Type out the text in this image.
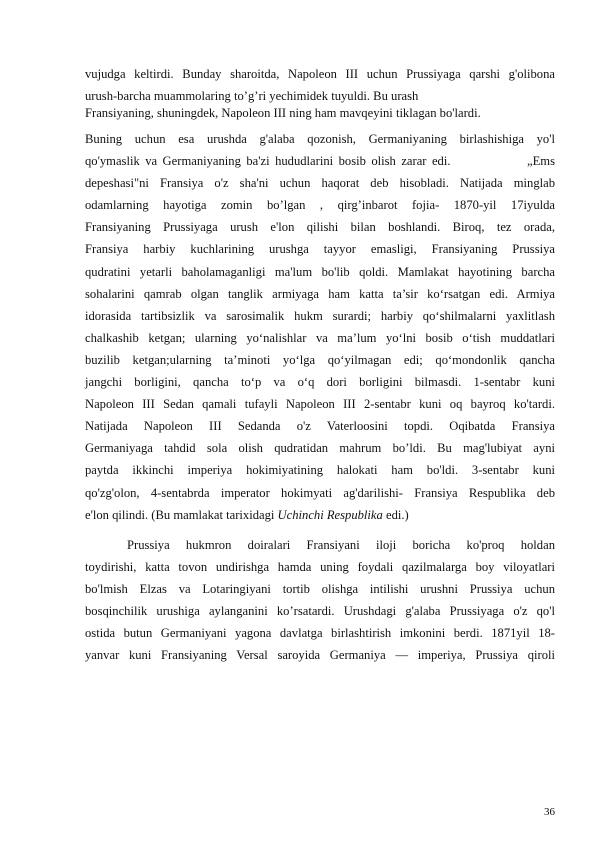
vujudga keltirdi. Bunday sharoitda, Napoleon III uchun Prussiyaga qarshi g'olibona
urush-barcha muammolaring to’g’ri yechimidek tuyuldi. Bu urash
Fransiyaning, shuningdek, Napoleon III ning ham mavqeyini tiklagan bo'lardi.
Buning uchun esa urushda g'alaba qozonish, Germaniyaning birlashishiga yo'l
qo'ymaslik va Germaniyaning ba'zi hududlarini bosib olish zarar edi.              „Ems
depeshasi"ni Fransiya o'z sha'ni uchun haqorat deb hisobladi. Natijada minglab
odamlarning hayotiga zomin bo’lgan , qirg’inbarot fojia- 1870-yil 17iyulda
Fransiyaning Prussiyaga urush e'lon qilishi bilan boshlandi. Biroq, tez orada,
Fransiya harbiy kuchlarining urushga tayyor emasligi, Fransiyaning Prussiya
qudratini yetarli baholamaganligi ma'lum bo'lib qoldi. Mamlakat hayotining barcha
sohalarini qamrab olgan tanglik armiyaga ham katta ta’sir ko‘rsatgan edi. Armiya
idorasida tartibsizlik va sarosimalik hukm surardi; harbiy qo‘shilmalarni yaxlitlash
chalkashib ketgan; ularning yo‘nalishlar va ma’lum yo‘lni bosib o‘tish muddatlari
buzilib ketgan;ularning ta’minoti yo‘lga qo‘yilmagan edi; qo‘mondonlik qancha
jangchi borligini, qancha to‘p va o‘q dori borligini bilmasdi. 1-sentabr kuni
Napoleon III Sedan qamali tufayli Napoleon III 2-sentabr kuni oq bayroq ko'tardi.
Natijada Napoleon III Sedanda o'z Vaterloosini topdi. Oqibatda Fransiya
Germaniyaga tahdid sola olish qudratidan mahrum bo’ldi. Bu mag'lubiyat ayni
paytda ikkinchi imperiya hokimiyatining halokati ham bo'ldi. 3-sentabr kuni
qo'zg'olon, 4-sentabrda imperator hokimyati ag'darilishi- Fransiya Respublika deb
e'lon qilindi. (Bu mamlakat tarixidagi Uchinchi Respublika edi.)
Prussiya hukmron doiralari Fransiyani iloji boricha ko'proq holdan
toydirishi, katta tovon undirishga hamda uning foydali qazilmalarga boy viloyatlari
bo'lmish Elzas va Lotaringiyani tortib olishga intilishi urushni Prussiya uchun
bosqinchilik urushiga aylanganini ko’rsatardi. Urushdagi g'alaba Prussiyaga o'z qo'l
ostida butun Germaniyani yagona davlatga birlashtirish imkonini berdi. 1871yil 18-
yanvar kuni Fransiyaning Versal saroyida Germaniya — imperiya, Prussiya qiroli
36
